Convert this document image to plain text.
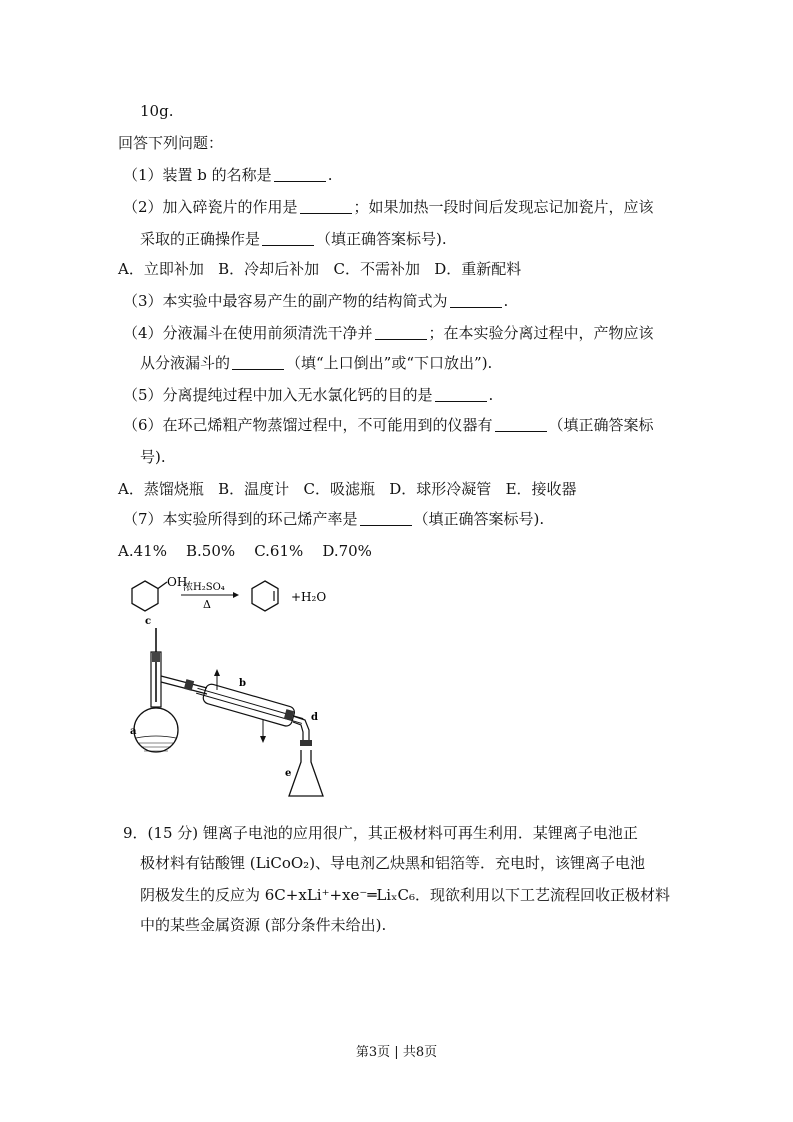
10g.
回答下列问题：
（1）装置 b 的名称是	.
（2）加入碎瓷片的作用是	；如果加热一段时间后发现忘记加瓷片，应该
采取的正确操作是	（填正确答案标号).
A．立即补加   B．冷却后补加   C．不需补加   D．重新配料
（3）本实验中最容易产生的副产物的结构简式为	.
（4）分液漏斗在使用前须清洗干净并	；在本实验分离过程中，产物应该
从分液漏斗的	（填“上口倒出”或“下口放出”).
（5）分离提纯过程中加入无水氯化钙的目的是	.
（6）在环己烯粗产物蒸馏过程中，不可能用到的仪器有	（填正确答案标
号).
A．蒸馏烧瓶   B．温度计   C．吸滤瓶   D．球形冷凝管   E．接收器
（7）本实验所得到的环己烯产率是	（填正确答案标号).
A.41%    B.50%    C.61%    D.70%
OH
浓H₂SO₄
Δ
+H₂O
c
a
b
d
e
9．(15 分) 锂离子电池的应用很广，其正极材料可再生利用．某锂离子电池正
极材料有钴酸锂 (LiCoO₂)、导电剂乙炔黑和铝箔等．充电时，该锂离子电池
阴极发生的反应为 6C+xLi⁺+xe⁻═LiₓC₆．现欲利用以下工艺流程回收正极材料
中的某些金属资源 (部分条件未给出).
第3页 | 共8页
